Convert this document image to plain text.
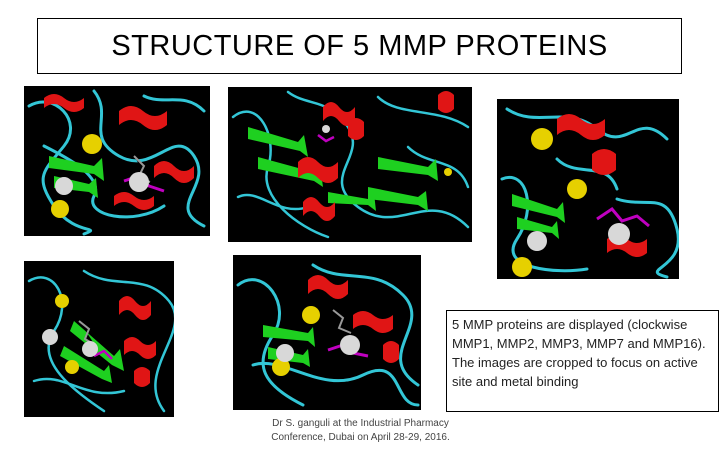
STRUCTURE OF 5 MMP PROTEINS
5 MMP proteins are displayed (clockwise MMP1, MMP2, MMP3, MMP7 and MMP16). The images are cropped to focus on active site and metal binding
Dr S. ganguli at the Industrial Pharmacy Conference, Dubai on April 28-29, 2016.
